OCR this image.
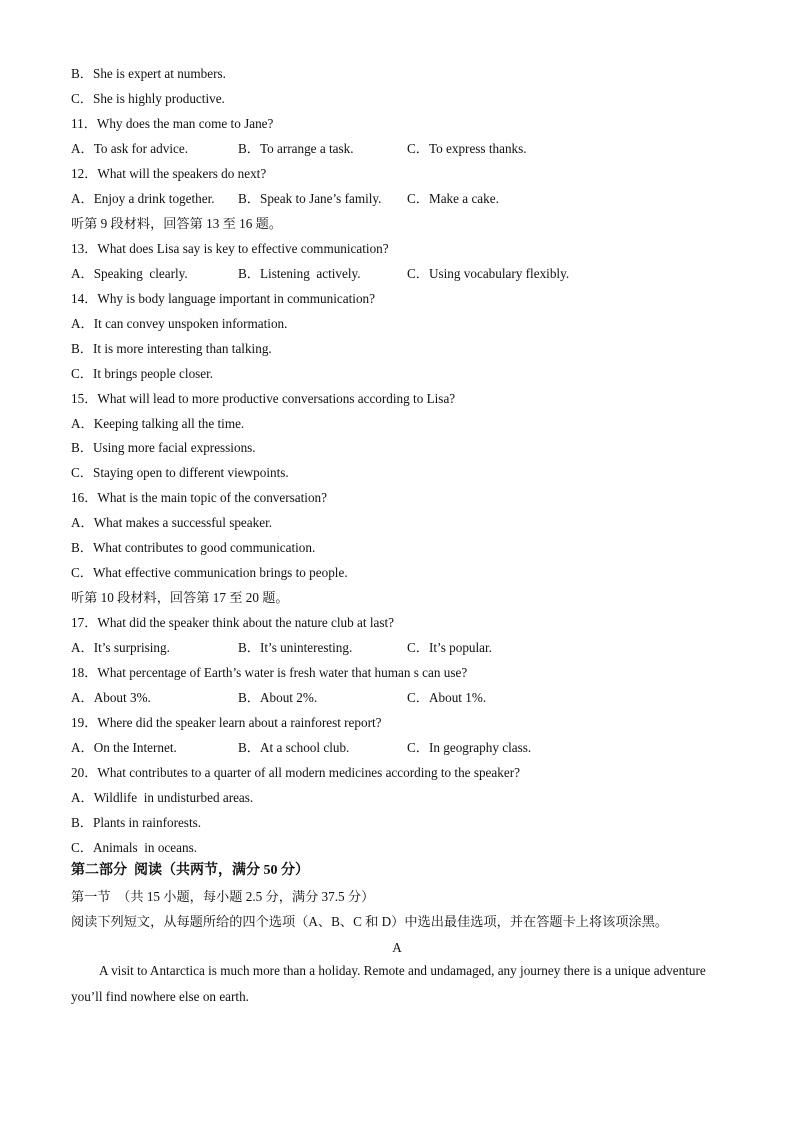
B．She is expert at numbers.
C．She is highly productive.
11．Why does the man come to Jane?

A．To ask for advice.

	B．To arrange a task.

	C．To express thanks.

12．What will the speakers do next?

A．Enjoy a drink together.

B．Speak to Jane’s family.

C．Make a cake.

听第 9 段材料，回答第 13 至 16 题。
13．What does Lisa say is key to effective communication?

A．Speaking  clearly.

	B．Listening  actively.

	C．Using vocabulary flexibly.

14．Why is body language important in communication?
A．It can convey unspoken information.
B．It is more interesting than talking.
C．It brings people closer.
15．What will lead to more productive conversations according to Lisa?
A．Keeping talking all the time.
B．Using more facial expressions.
C．Staying open to different viewpoints.
16．What is the main topic of the conversation?
A．What makes a successful speaker.
B．What contributes to good communication.
C．What effective communication brings to people.
听第 10 段材料，回答第 17 至 20 题。
17．What did the speaker think about the nature club at last?

A．It’s surprising.

	B．It’s uninteresting.

	C．It’s popular.

18．What percentage of Earth’s water is fresh water that human s can use?

A．About 3%.

	B．About 2%.

	C．About 1%.

19．Where did the speaker learn about a rainforest report?

A．On the Internet.

	B．At a school club.

	C．In geography class.

20．What contributes to a quarter of all modern medicines according to the speaker?
A．Wildlife  in undisturbed areas.
B．Plants in rainforests.
C．Animals  in oceans.
第二部分  阅读（共两节，满分 50 分）
第一节  （共 15 小题，每小题 2.5 分，满分 37.5 分）
阅读下列短文，从每题所给的四个选项（A、B、C 和 D）中选出最佳选项，并在答题卡上将该项涂黑。
A
A visit to Antarctica is much more than a holiday. Remote and undamaged, any journey there is a unique adventure you’ll find nowhere else on earth.
